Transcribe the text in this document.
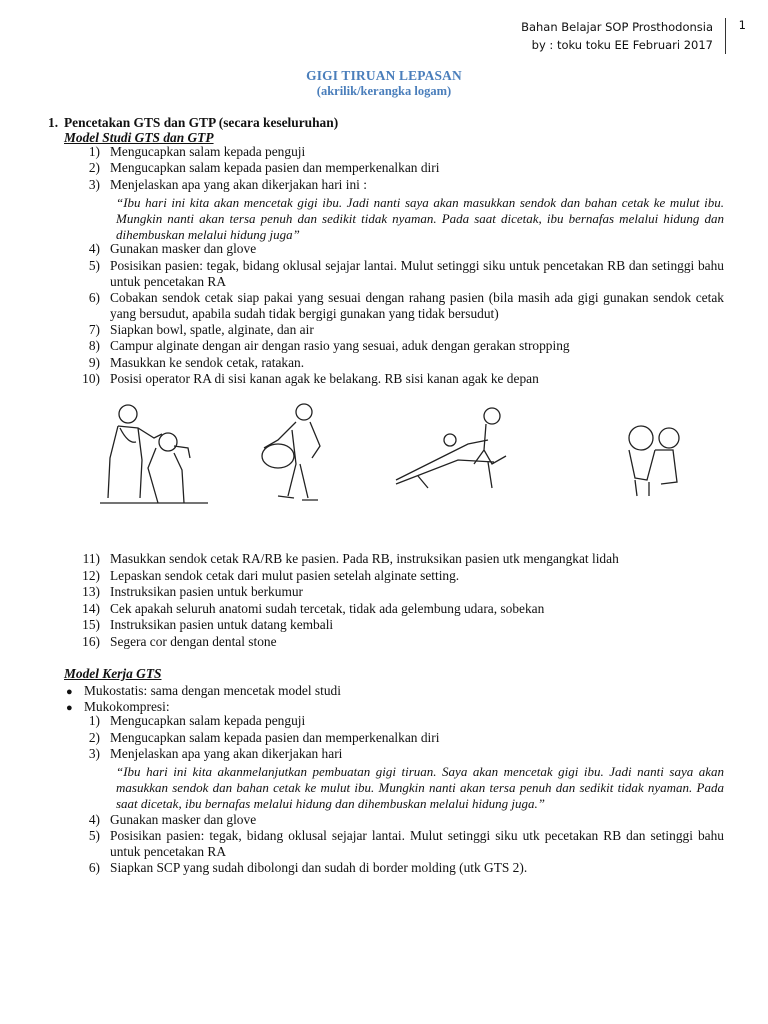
Bahan Belajar SOP Prosthodonsia
by : toku toku EE Februari 2017
1
GIGI TIRUAN LEPASAN
(akrilik/kerangka logam)
1. Pencetakan GTS dan GTP (secara keseluruhan)
Model Studi GTS dan GTP
1) Mengucapkan salam kepada penguji
2) Mengucapkan salam kepada pasien dan memperkenalkan diri
3) Menjelaskan apa yang akan dikerjakan hari ini :
“Ibu hari ini kita akan mencetak gigi ibu. Jadi nanti saya akan masukkan sendok dan bahan cetak ke mulut ibu. Mungkin nanti akan tersa penuh dan sedikit tidak nyaman. Pada saat dicetak, ibu bernafas melalui hidung dan dihembuskan melalui hidung juga”
4) Gunakan masker dan glove
5) Posisikan pasien: tegak, bidang oklusal sejajar lantai. Mulut setinggi siku untuk pencetakan RB dan setinggi bahu untuk pencetakan RA
6) Cobakan sendok cetak siap pakai yang sesuai dengan rahang pasien (bila masih ada gigi gunakan sendok cetak yang bersudut, apabila sudah tidak bergigi gunakan yang tidak bersudut)
7) Siapkan bowl, spatle, alginate, dan air
8) Campur alginate dengan air dengan rasio yang sesuai, aduk dengan gerakan stropping
9) Masukkan ke sendok cetak, ratakan.
10) Posisi operator RA di sisi kanan agak ke belakang. RB sisi kanan agak ke depan
11) Masukkan sendok cetak RA/RB ke pasien. Pada RB, instruksikan pasien utk mengangkat lidah
12) Lepaskan sendok cetak dari mulut pasien setelah alginate setting.
13) Instruksikan pasien untuk berkumur
14) Cek apakah seluruh anatomi sudah tercetak, tidak ada gelembung udara, sobekan
15) Instruksikan pasien untuk datang kembali
16) Segera cor dengan dental stone
Model Kerja GTS
● Mukostatis: sama dengan mencetak model studi
● Mukokompresi:
1) Mengucapkan salam kepada penguji
2) Mengucapkan salam kepada pasien dan memperkenalkan diri
3) Menjelaskan apa yang akan dikerjakan hari
“Ibu hari ini kita akanmelanjutkan pembuatan gigi tiruan. Saya akan mencetak gigi ibu. Jadi nanti saya akan masukkan sendok dan bahan cetak ke mulut ibu. Mungkin nanti akan tersa penuh dan sedikit tidak nyaman. Pada saat dicetak, ibu bernafas melalui hidung dan dihembuskan melalui hidung juga.”
4) Gunakan masker dan glove
5) Posisikan pasien: tegak, bidang oklusal sejajar lantai. Mulut setinggi siku utk pecetakan RB dan setinggi bahu untuk pencetakan RA
6) Siapkan SCP yang sudah dibolongi dan sudah di border molding (utk GTS 2).
